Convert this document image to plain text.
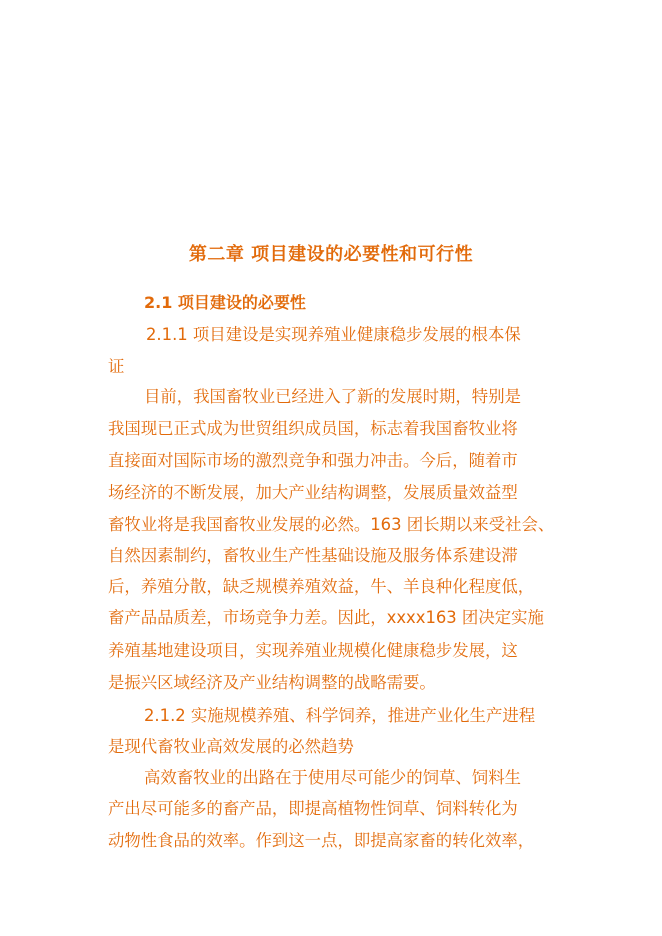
第二章 项目建设的必要性和可行性
2.1 项目建设的必要性
2.1.1 项目建设是实现养殖业健康稳步发展的根本保
证
目前，我国畜牧业已经进入了新的发展时期，特别是
我国现已正式成为世贸组织成员国，标志着我国畜牧业将
直接面对国际市场的激烈竞争和强力冲击。今后，随着市
场经济的不断发展，加大产业结构调整，发展质量效益型
畜牧业将是我国畜牧业发展的必然。163 团长期以来受社会、
自然因素制约，畜牧业生产性基础设施及服务体系建设滞
后，养殖分散，缺乏规模养殖效益，牛、羊良种化程度低，
畜产品品质差，市场竞争力差。因此，xxxx163 团决定实施
养殖基地建设项目，实现养殖业规模化健康稳步发展，这
是振兴区域经济及产业结构调整的战略需要。
2.1.2 实施规模养殖、科学饲养，推进产业化生产进程
是现代畜牧业高效发展的必然趋势
高效畜牧业的出路在于使用尽可能少的饲草、饲料生
产出尽可能多的畜产品，即提高植物性饲草、饲料转化为
动物性食品的效率。作到这一点，即提高家畜的转化效率，
